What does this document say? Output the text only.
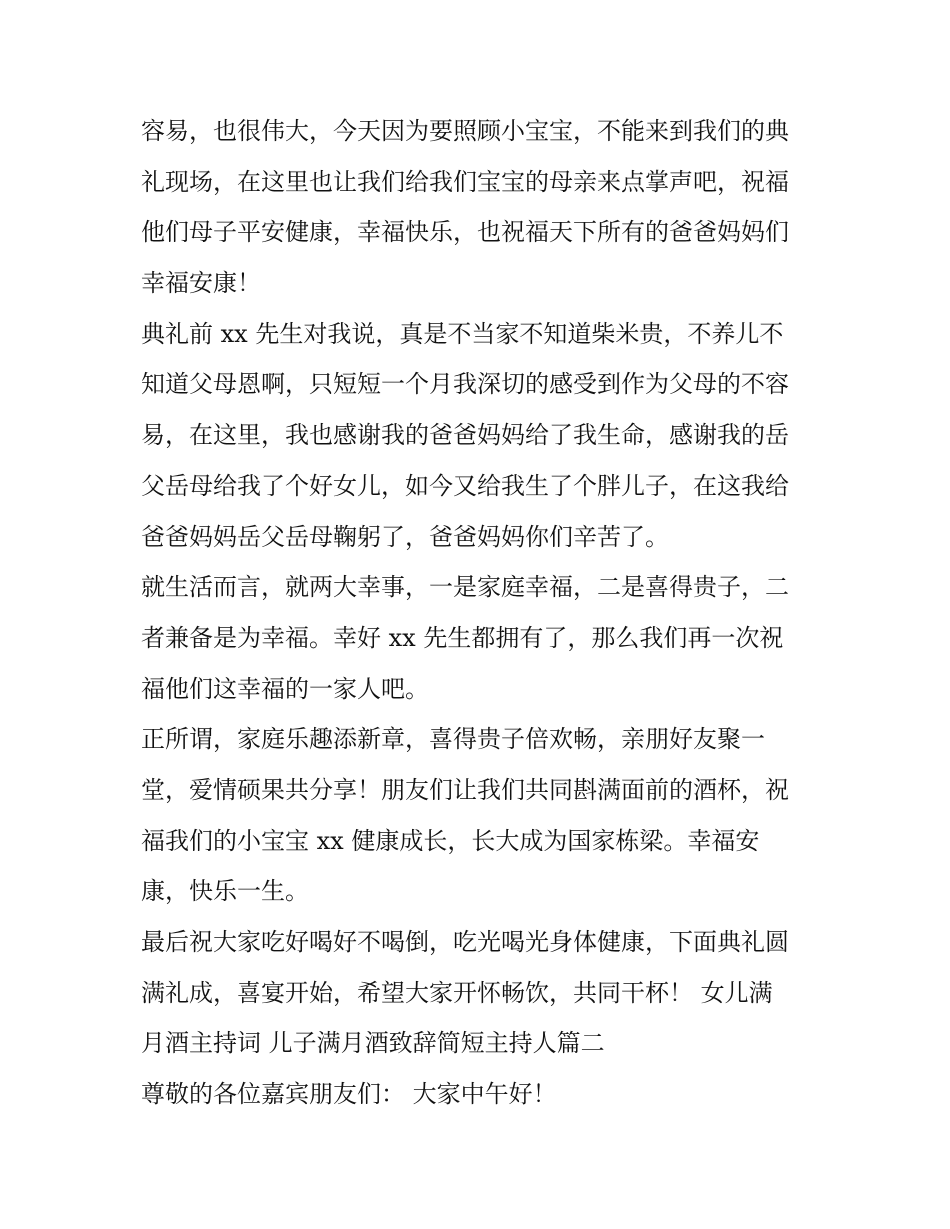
容易，也很伟大，今天因为要照顾小宝宝，不能来到我们的典
礼现场，在这里也让我们给我们宝宝的母亲来点掌声吧，祝福
他们母子平安健康，幸福快乐，也祝福天下所有的爸爸妈妈们
幸福安康！
典礼前 xx 先生对我说，真是不当家不知道柴米贵，不养儿不
知道父母恩啊，只短短一个月我深切的感受到作为父母的不容
易，在这里，我也感谢我的爸爸妈妈给了我生命，感谢我的岳
父岳母给我了个好女儿，如今又给我生了个胖儿子，在这我给
爸爸妈妈岳父岳母鞠躬了，爸爸妈妈你们辛苦了。
就生活而言，就两大幸事，一是家庭幸福，二是喜得贵子，二
者兼备是为幸福。幸好 xx 先生都拥有了，那么我们再一次祝
福他们这幸福的一家人吧。
正所谓，家庭乐趣添新章，喜得贵子倍欢畅，亲朋好友聚一
堂，爱情硕果共分享！朋友们让我们共同斟满面前的酒杯，祝
福我们的小宝宝 xx 健康成长，长大成为国家栋梁。幸福安
康，快乐一生。
最后祝大家吃好喝好不喝倒，吃光喝光身体健康，下面典礼圆
满礼成，喜宴开始，希望大家开怀畅饮，共同干杯！ 女儿满
月酒主持词 儿子满月酒致辞简短主持人篇二
尊敬的各位嘉宾朋友们： 大家中午好！
